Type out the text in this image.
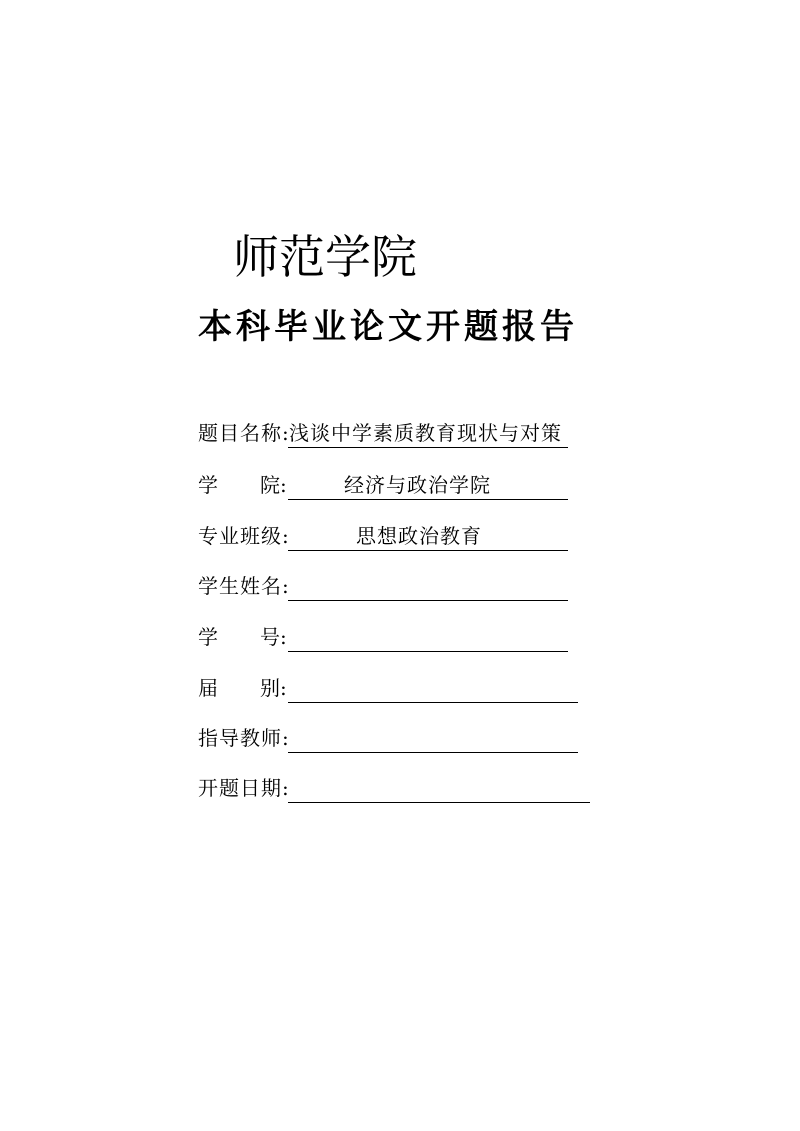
师范学院
本科毕业论文开题报告
题目名称 : 浅谈中学素质教育现状与对策
学 院 :	经济与政治学院
专业班级 :	思想政治教育
学生姓名 :
学 号 :
届 别 :
指导教师 :
开题日期 :
